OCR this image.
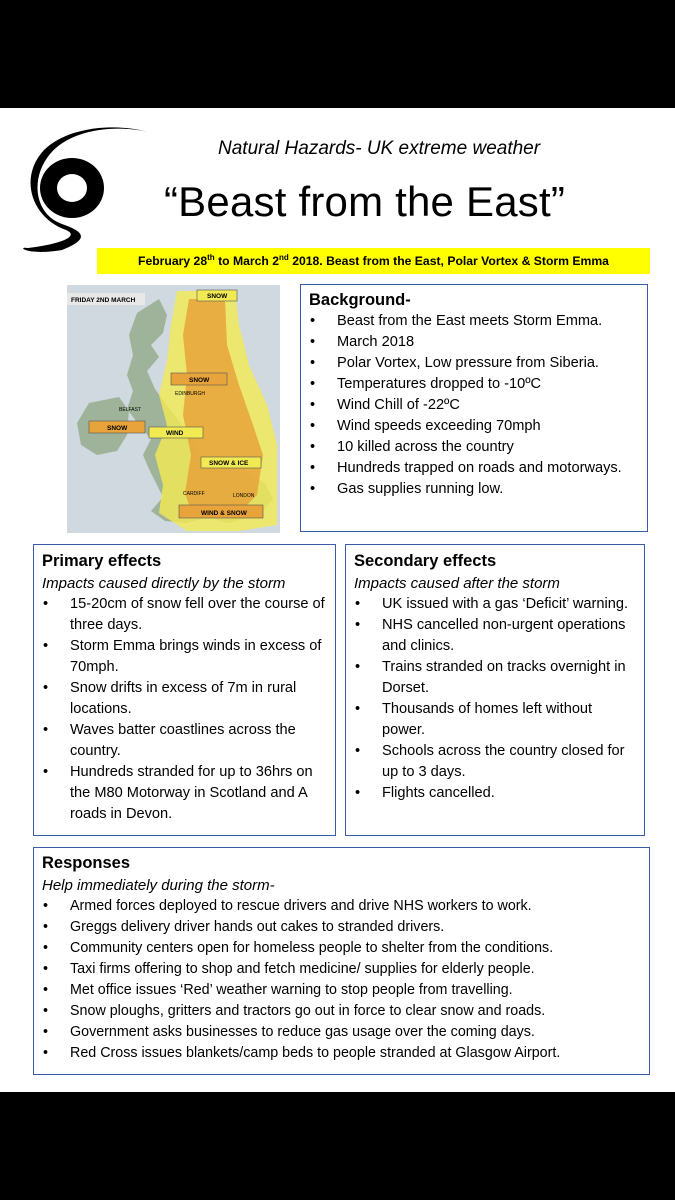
Natural Hazards- UK extreme weather
“Beast from the East”
February 28th to March 2nd 2018. Beast from the East, Polar Vortex & Storm Emma
FRIDAY 2ND MARCH
SNOW
SNOW
SNOW
WIND
SNOW & ICE
WIND & SNOW
EDINBURGH
BELFAST
CARDIFF	LONDON
Background-
• Beast from the East meets Storm Emma.
• March 2018
• Polar Vortex, Low pressure from Siberia.
• Temperatures dropped to -10ºC
• Wind Chill of -22ºC
• Wind speeds exceeding 70mph
• 10 killed across the country
• Hundreds trapped on roads and motorways.
• Gas supplies running low.
Primary effects
Impacts caused directly by the storm
• 15-20cm of snow fell over the course of three days.
• Storm Emma brings winds in excess of 70mph.
• Snow drifts in excess of 7m in rural locations.
• Waves batter coastlines across the country.
• Hundreds stranded for up to 36hrs on the M80 Motorway in Scotland and A roads in Devon.
Secondary effects
Impacts caused after the storm
• UK issued with a gas ‘Deficit’ warning.
• NHS cancelled non-urgent operations and clinics.
• Trains stranded on tracks overnight in Dorset.
• Thousands of homes left without power.
• Schools across the country closed for up to 3 days.
• Flights cancelled.
Responses
Help immediately during the storm-
• Armed forces deployed to rescue drivers and drive NHS workers to work.
• Greggs delivery driver hands out cakes to stranded drivers.
• Community centers open for homeless people to shelter from the conditions.
• Taxi firms offering to shop and fetch medicine/ supplies for elderly people.
• Met office issues ‘Red’ weather warning to stop people from travelling.
• Snow ploughs, gritters and tractors go out in force to clear snow and roads.
• Government asks businesses to reduce gas usage over the coming days.
• Red Cross issues blankets/camp beds to people stranded at Glasgow Airport.
